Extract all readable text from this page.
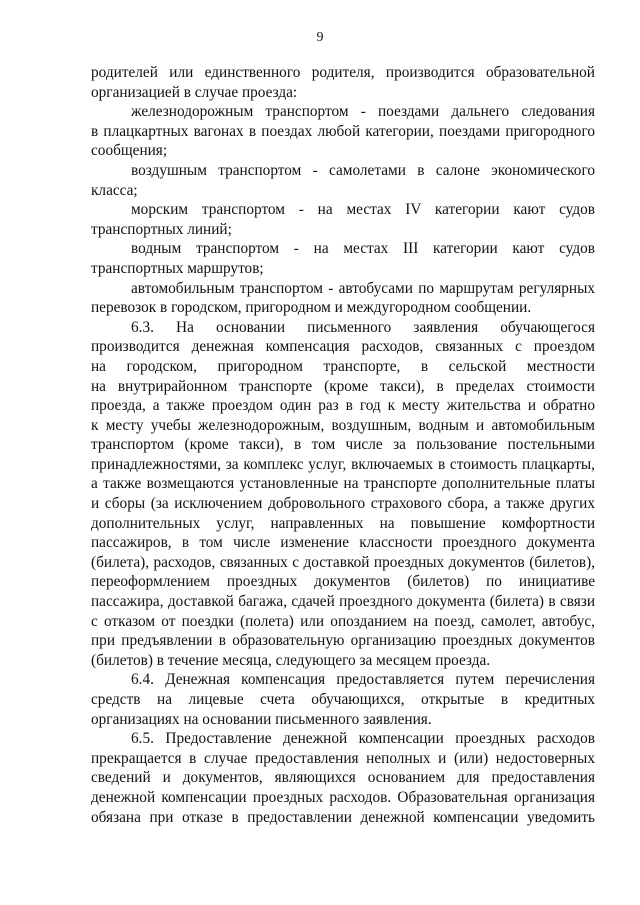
9
родителей или единственного родителя, производится образовательной
организацией в случае проезда:
железнодорожным транспортом - поездами дальнего следования
в плацкартных вагонах в поездах любой категории, поездами пригородного
сообщения;
воздушным транспортом - самолетами в салоне экономического
класса;
морским транспортом - на местах IV категории кают судов
транспортных линий;
водным транспортом - на местах III категории кают судов
транспортных маршрутов;
автомобильным транспортом - автобусами по маршрутам регулярных
перевозок в городском, пригородном и междугородном сообщении.
6.3. На основании письменного заявления обучающегося
производится денежная компенсация расходов, связанных с проездом
на городском, пригородном транспорте, в сельской местности
на внутрирайонном транспорте (кроме такси), в пределах стоимости
проезда, а также проездом один раз в год к месту жительства и обратно
к месту учебы железнодорожным, воздушным, водным и автомобильным
транспортом (кроме такси), в том числе за пользование постельными
принадлежностями, за комплекс услуг, включаемых в стоимость плацкарты,
а также возмещаются установленные на транспорте дополнительные платы
и сборы (за исключением добровольного страхового сбора, а также других
дополнительных услуг, направленных на повышение комфортности
пассажиров, в том числе изменение классности проездного документа
(билета), расходов, связанных с доставкой проездных документов (билетов),
переоформлением проездных документов (билетов) по инициативе
пассажира, доставкой багажа, сдачей проездного документа (билета) в связи
с отказом от поездки (полета) или опозданием на поезд, самолет, автобус,
при предъявлении в образовательную организацию проездных документов
(билетов) в течение месяца, следующего за месяцем проезда.
6.4. Денежная компенсация предоставляется путем перечисления
средств на лицевые счета обучающихся, открытые в кредитных
организациях на основании письменного заявления.
6.5. Предоставление денежной компенсации проездных расходов
прекращается в случае предоставления неполных и (или) недостоверных
сведений и документов, являющихся основанием для предоставления
денежной компенсации проездных расходов. Образовательная организация
обязана при отказе в предоставлении денежной компенсации уведомить
